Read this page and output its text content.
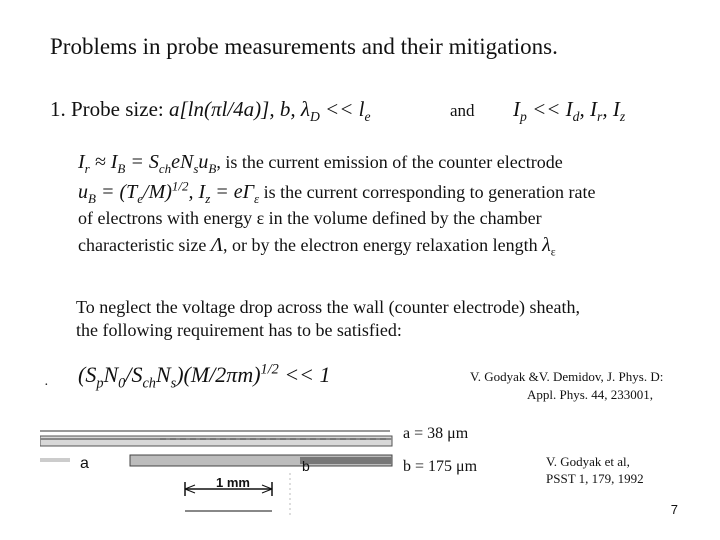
Problems in probe measurements and their mitigations.
1. Probe size: a[ln(πl/4a)], b, $\lambda_D << l_e$	and $I_p << I_d$, $I_r$, $I_z$
$I_r \approx I_B = S_{ch}eN_su_B$, is the current emission of the counter electrode
$u_B = (T_e/M)^{1/2}$, $I_z = e\Gamma_\varepsilon$ is the current corresponding to generation rate
of electrons with energy ε in the volume defined by the chamber
characteristic size Λ, or by the electron energy relaxation length $\lambda_\varepsilon$
To neglect the voltage drop across the wall (counter electrode) sheath,
the following requirement has to be satisfied:
· $(S_pN_0/S_{ch}N_s)(M/2\pi m)^{1/2} << 1$	V. Godyak &V. Demidov, J. Phys. D:
Appl. Phys. 44, 233001,
a = 38 μm
b = 175 μm	V. Godyak et al,
PSST 1, 179, 1992
a	b
1 mm
7
